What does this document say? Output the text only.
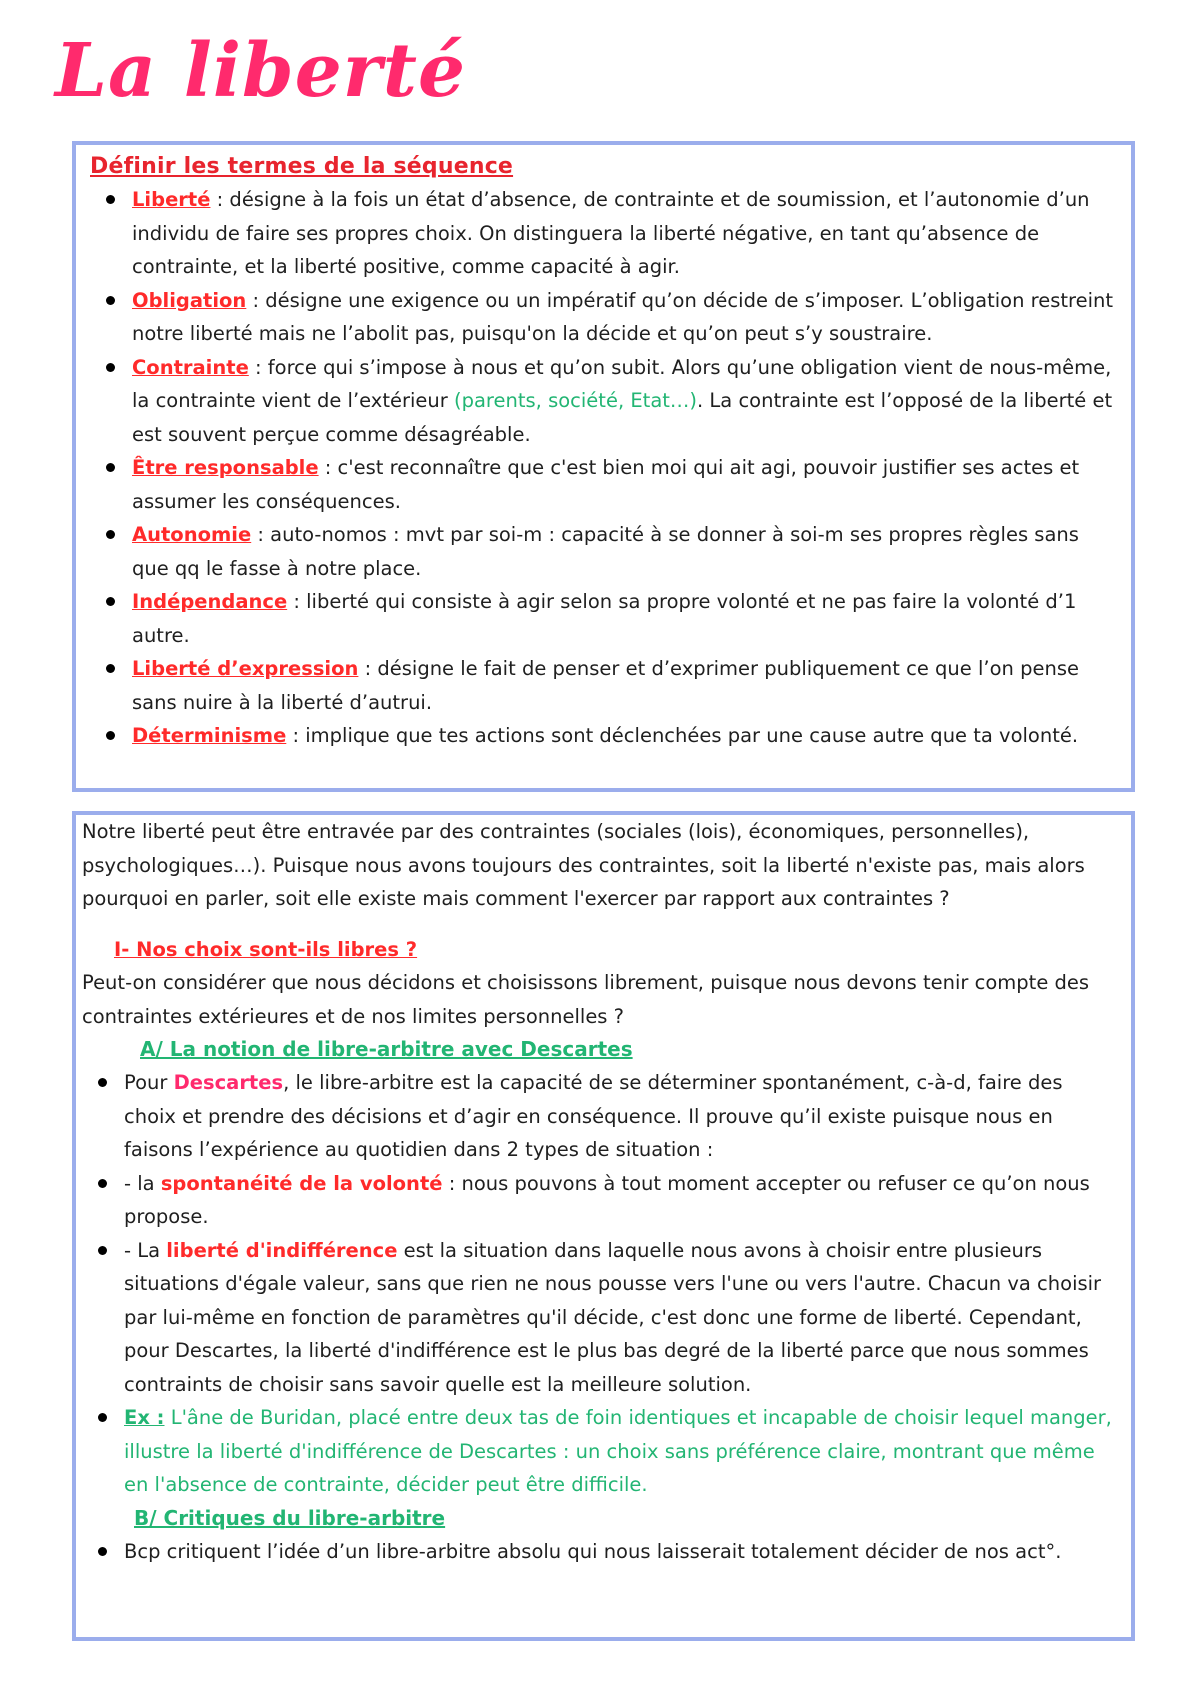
La liberté
Définir les termes de la séquence
Liberté : désigne à la fois un état d’absence, de contrainte et de soumission, et l’autonomie d’un individu de faire ses propres choix. On distinguera la liberté négative, en tant qu’absence de contrainte, et la liberté positive, comme capacité à agir.
Obligation : désigne une exigence ou un impératif qu’on décide de s’imposer. L’obligation restreint notre liberté mais ne l’abolit pas, puisqu'on la décide et qu’on peut s’y soustraire.
Contrainte : force qui s’impose à nous et qu’on subit. Alors qu’une obligation vient de nous-même, la contrainte vient de l’extérieur (parents, société, Etat…). La contrainte est l’opposé de la liberté et est souvent perçue comme désagréable.
Être responsable : c'est reconnaître que c'est bien moi qui ait agi, pouvoir justifier ses actes et assumer les conséquences.
Autonomie : auto-nomos : mvt par soi-m : capacité à se donner à soi-m ses propres règles sans que qq le fasse à notre place.
Indépendance : liberté qui consiste à agir selon sa propre volonté et ne pas faire la volonté d’1 autre.
Liberté d’expression : désigne le fait de penser et d’exprimer publiquement ce que l’on pense sans nuire à la liberté d’autrui.
Déterminisme : implique que tes actions sont déclenchées par une cause autre que ta volonté.

Notre liberté peut être entravée par des contraintes (sociales (lois), économiques, personnelles), psychologiques…). Puisque nous avons toujours des contraintes, soit la liberté n'existe pas, mais alors pourquoi en parler, soit elle existe mais comment l'exercer par rapport aux contraintes ?

I- Nos choix sont-ils libres ?

Peut-on considérer que nous décidons et choisissons librement, puisque nous devons tenir compte des contraintes extérieures et de nos limites personnelles ?

A/ La notion de libre-arbitre avec Descartes
Pour Descartes, le libre-arbitre est la capacité de se déterminer spontanément, c-à-d, faire des choix et prendre des décisions et d’agir en conséquence. Il prouve qu’il existe puisque nous en faisons l’expérience au quotidien dans 2 types de situation :
- la spontanéité de la volonté : nous pouvons à tout moment accepter ou refuser ce qu’on nous propose.
- La liberté d'indifférence est la situation dans laquelle nous avons à choisir entre plusieurs situations d'égale valeur, sans que rien ne nous pousse vers l'une ou vers l'autre. Chacun va choisir par lui-même en fonction de paramètres qu'il décide, c'est donc une forme de liberté. Cependant, pour Descartes, la liberté d'indifférence est le plus bas degré de la liberté parce que nous sommes contraints de choisir sans savoir quelle est la meilleure solution.
Ex : L'âne de Buridan, placé entre deux tas de foin identiques et incapable de choisir lequel manger, illustre la liberté d'indifférence de Descartes : un choix sans préférence claire, montrant que même en l'absence de contrainte, décider peut être difficile.
B/ Critiques du libre-arbitre
Bcp critiquent l’idée d’un libre-arbitre absolu qui nous laisserait totalement décider de nos act°.
